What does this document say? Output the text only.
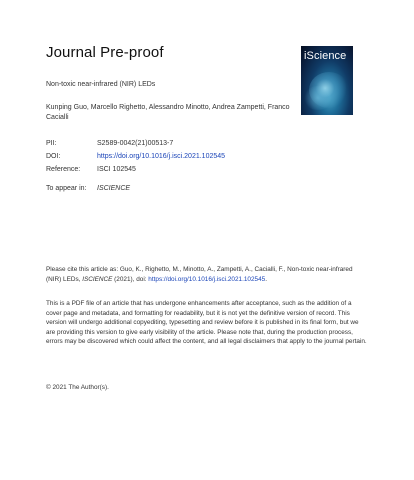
Journal Pre-proof	iScience
Non-toxic near-infrared (NIR) LEDs
Kunping Guo, Marcello Righetto, Alessandro Minotto, Andrea Zampetti, Franco Cacialli
PII:	S2589-0042(21)00513-7
DOI:	https://doi.org/10.1016/j.isci.2021.102545
Reference:	ISCI 102545
To appear in:	ISCIENCE
Please cite this article as: Guo, K., Righetto, M., Minotto, A., Zampetti, A., Cacialli, F., Non-toxic near-infrared (NIR) LEDs, ISCIENCE (2021), doi: https://doi.org/10.1016/j.isci.2021.102545.
This is a PDF file of an article that has undergone enhancements after acceptance, such as the addition of a cover page and metadata, and formatting for readability, but it is not yet the definitive version of record. This version will undergo additional copyediting, typesetting and review before it is published in its final form, but we are providing this version to give early visibility of the article. Please note that, during the production process, errors may be discovered which could affect the content, and all legal disclaimers that apply to the journal pertain.
© 2021 The Author(s).
